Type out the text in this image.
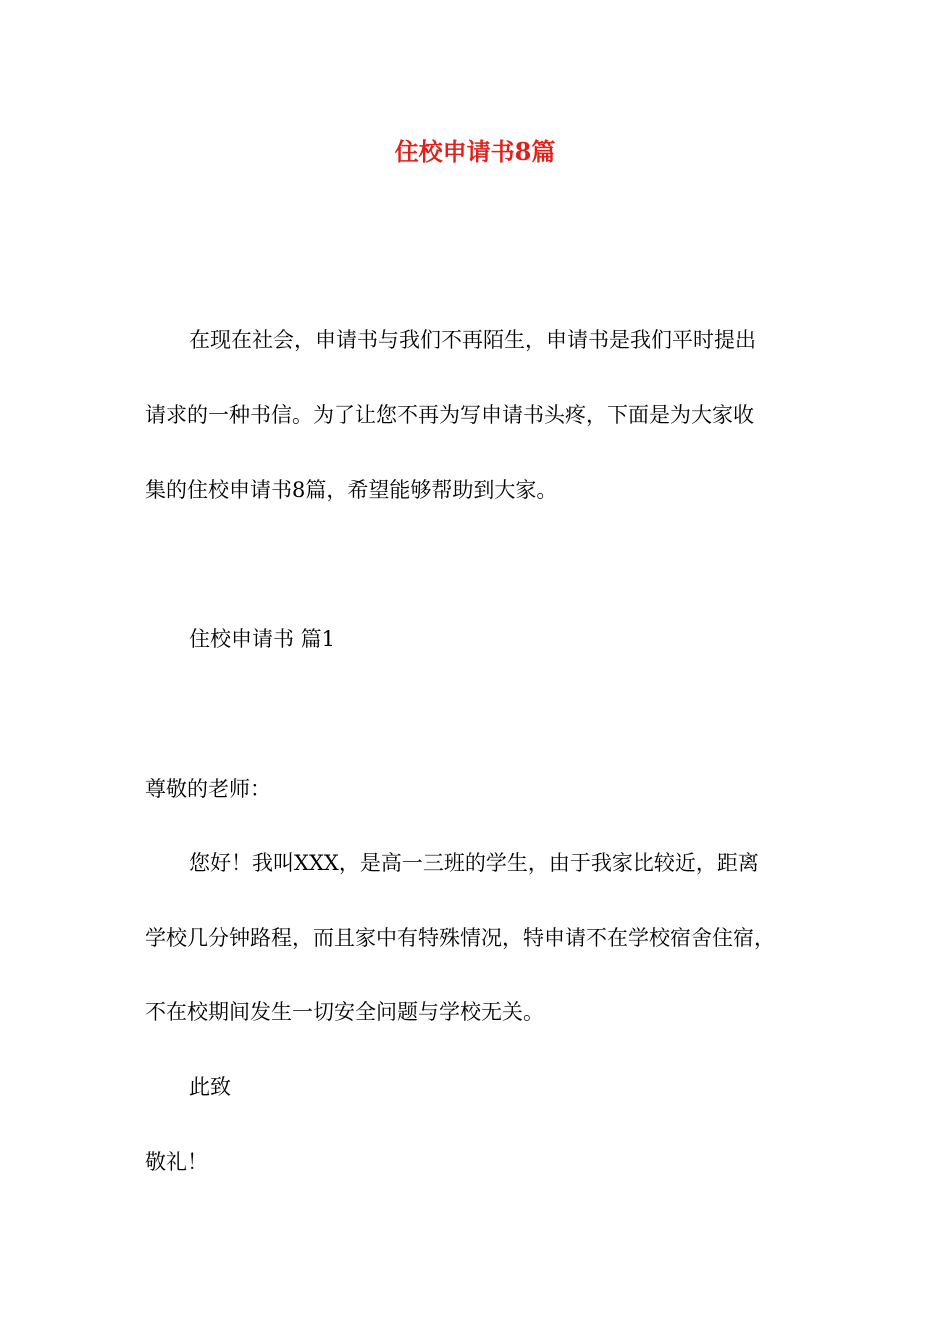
住校申请书8篇
在现在社会，申请书与我们不再陌生，申请书是我们平时提出
请求的一种书信。为了让您不再为写申请书头疼，下面是为大家收
集的住校申请书8篇，希望能够帮助到大家。
住校申请书 篇1
尊敬的老师：
您好！我叫XXX，是高一三班的学生，由于我家比较近，距离
学校几分钟路程，而且家中有特殊情况，特申请不在学校宿舍住宿，
不在校期间发生一切安全问题与学校无关。
此致
敬礼！
